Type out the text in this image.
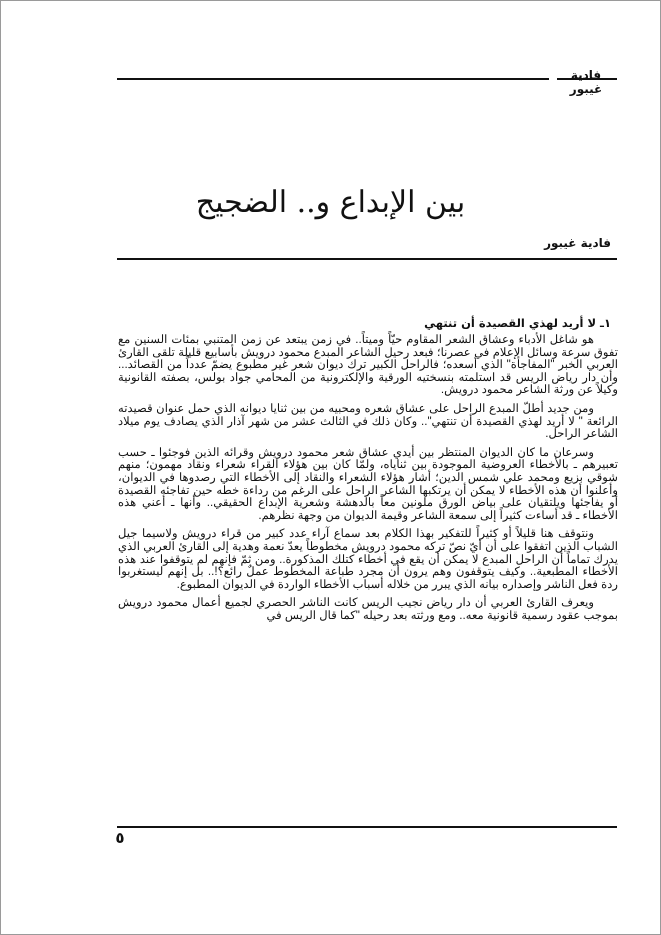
فادية غيبور
بين الإبداع و.. الضجيج
فادية غيبور
١ـ لا أريد لهذي القصيدة أن تنتهي

هو شاغل الأدباء وعشاق الشعر المقاوم حيّاً وميتاً.. في زمن يبتعد عن زمن المتنبي بمئات السنين مع تفوق سرعة وسائل الإعلام في عصرنا؛ فبعد رحيل الشاعر المبدع محمود درويش بأسابيع قليلة تلقى القارئ العربي الخبر "المفاجأة" الذي أسعده؛ فالراحل الكبير ترك ديوان شعر غير مطبوع يضمّ عدداً من القصائد... وأن دار رياض الريس قد استلمته بنسختيه الورقية والإلكترونية من المحامي جواد بولس، بصفته القانونية وكيلاً عن ورثة الشاعر محمود درويش.

ومن جديد أطلّ المبدع الراحل على عشاق شعره ومحبيه من بين ثنايا ديوانه الذي حمل عنوان قصيدته الرائعة " لا أريد لهذي القصيدة أن تنتهي".. وكان ذلك في الثالث عشر من شهر آذار الذي يصادف يوم ميلاد الشاعر الراحل.

وسرعان ما كان الديوان المنتظر بين أيدي عشاق شعر محمود درويش وقرائه الذين فوجئوا ـ حسب تعبيرهم ـ بالأخطاء العروضية الموجودة بين ثناياه، ولمّا كان بين هؤلاء القراء شعراء ونقاد مهمون؛ منهم شوقي بزيع ومحمد علي شمس الدين؛ أشار هؤلاء الشعراء والنقاد إلى الأخطاء التي رصدوها في الديوان، وأعلنوا أن هذه الأخطاء لا يمكن أن يرتكبها الشاعر الراحل على الرغم من رداءة خطه حين تفاجئه القصيدة أو يفاجئها ويلتقيان على بياض الورق ملونين معاً بالدهشة وشعرية الإبداع الحقيقي.. وأنها ـ أعني هذه الأخطاء ـ قد أساءت كثيراً إلى سمعة الشاعر وقيمة الديوان من وجهة نظرهم.

ونتوقف هنا قليلاً أو كثيراً للتفكير بهذا الكلام بعد سماع آراء عدد كبير من قراء درويش ولاسيما جيل الشباب الذين اتفقوا على أن أيّ نصّ تركه محمود درويش مخطوطاً يعدّ نعمة وهدية إلى القارئ العربي الذي يدرك تماماً أن الراحل المبدع لا يمكن أن يقع في أخطاء كتلك المذكورة.. ومن ثمّ فإنهم لم يتوقفوا عند هذه الأخطاء المطبعية.. وكيف يتوقفون وهم يرون أن مجرد طباعة المخطوط عملٌ رائع؟!.. بل إنهم ليستغربوا ردة فعل الناشر وإصداره بيانه الذي يبرر من خلاله أسباب الأخطاء الواردة في الديوان المطبوع.

ويعرف القارئ العربي أن دار رياض نجيب الريس كانت الناشر الحصري لجميع أعمال محمود درويش بموجب عقود رسمية قانونية معه.. ومع ورثته بعد رحيله "كما قال الريس في

٥
